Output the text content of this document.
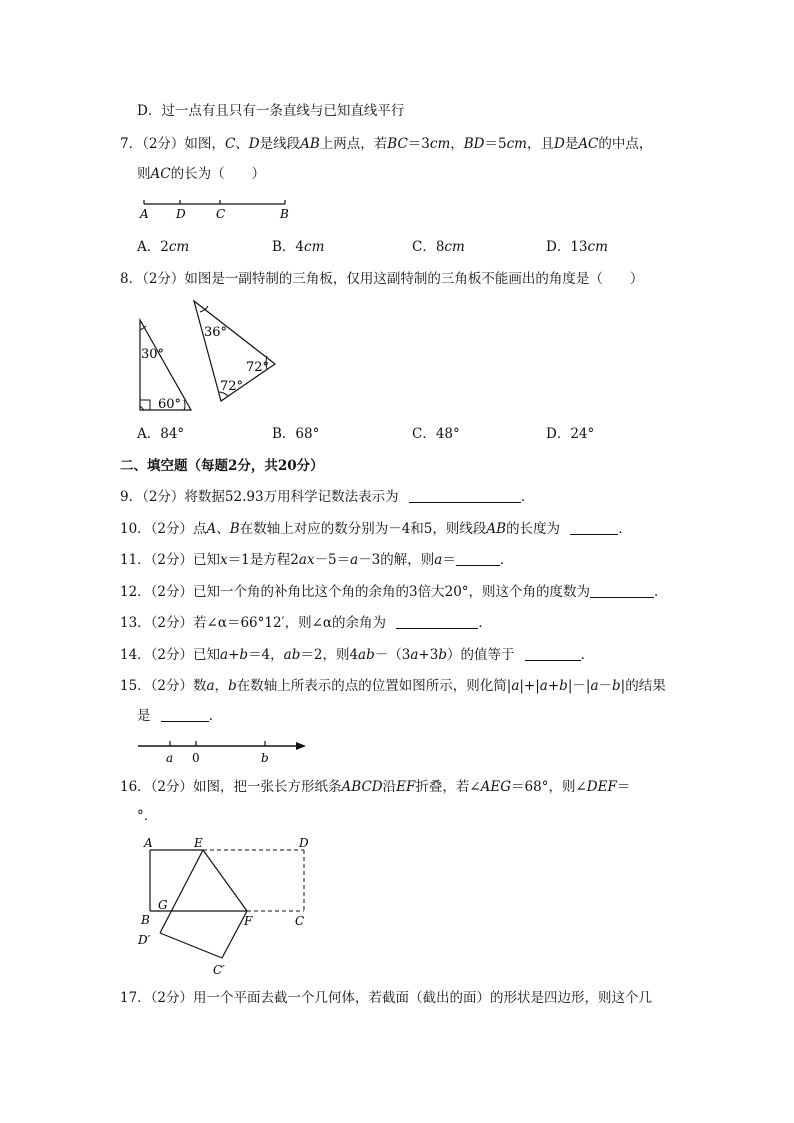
D．过一点有且只有一条直线与已知直线平行
7．（2分）如图，C、D是线段AB上两点，若BC＝3cm，BD＝5cm，且D是AC的中点，
则AC的长为（　　）
A D	C	B
A．2cm	B．4cm	C．8cm	D．13cm
8．（2分）如图是一副特制的三角板，仅用这副特制的三角板不能画出的角度是（　　）
30°
60°
36°
72°
72°
A．84°	B．68°	C．48°	D．24°
二、填空题（每题2分，共20分）
9．（2分）将数据52.93万用科学记数法表示为	．
10．（2分）点A、B在数轴上对应的数分别为－4和5，则线段AB的长度为	．
11．（2分）已知x＝1是方程2ax－5＝a－3的解，则a＝	．
12．（2分）已知一个角的补角比这个角的余角的3倍大20°，则这个角的度数为	．
13．（2分）若∠α＝66°12′，则∠α的余角为	．
14．（2分）已知a+b＝4，ab＝2，则4ab－（3a+3b）的值等于	．
15．（2分）数a，b在数轴上所表示的点的位置如图所示，则化简|a|+|a+b|－|a－b|的结果
是	．
a 0	b
16．（2分）如图，把一张长方形纸条ABCD沿EF折叠，若∠AEG＝68°，则∠DEF＝
°．
A	E	D
G
B	F	C
D′
C′
17．（2分）用一个平面去截一个几何体，若截面（截出的面）的形状是四边形，则这个几
